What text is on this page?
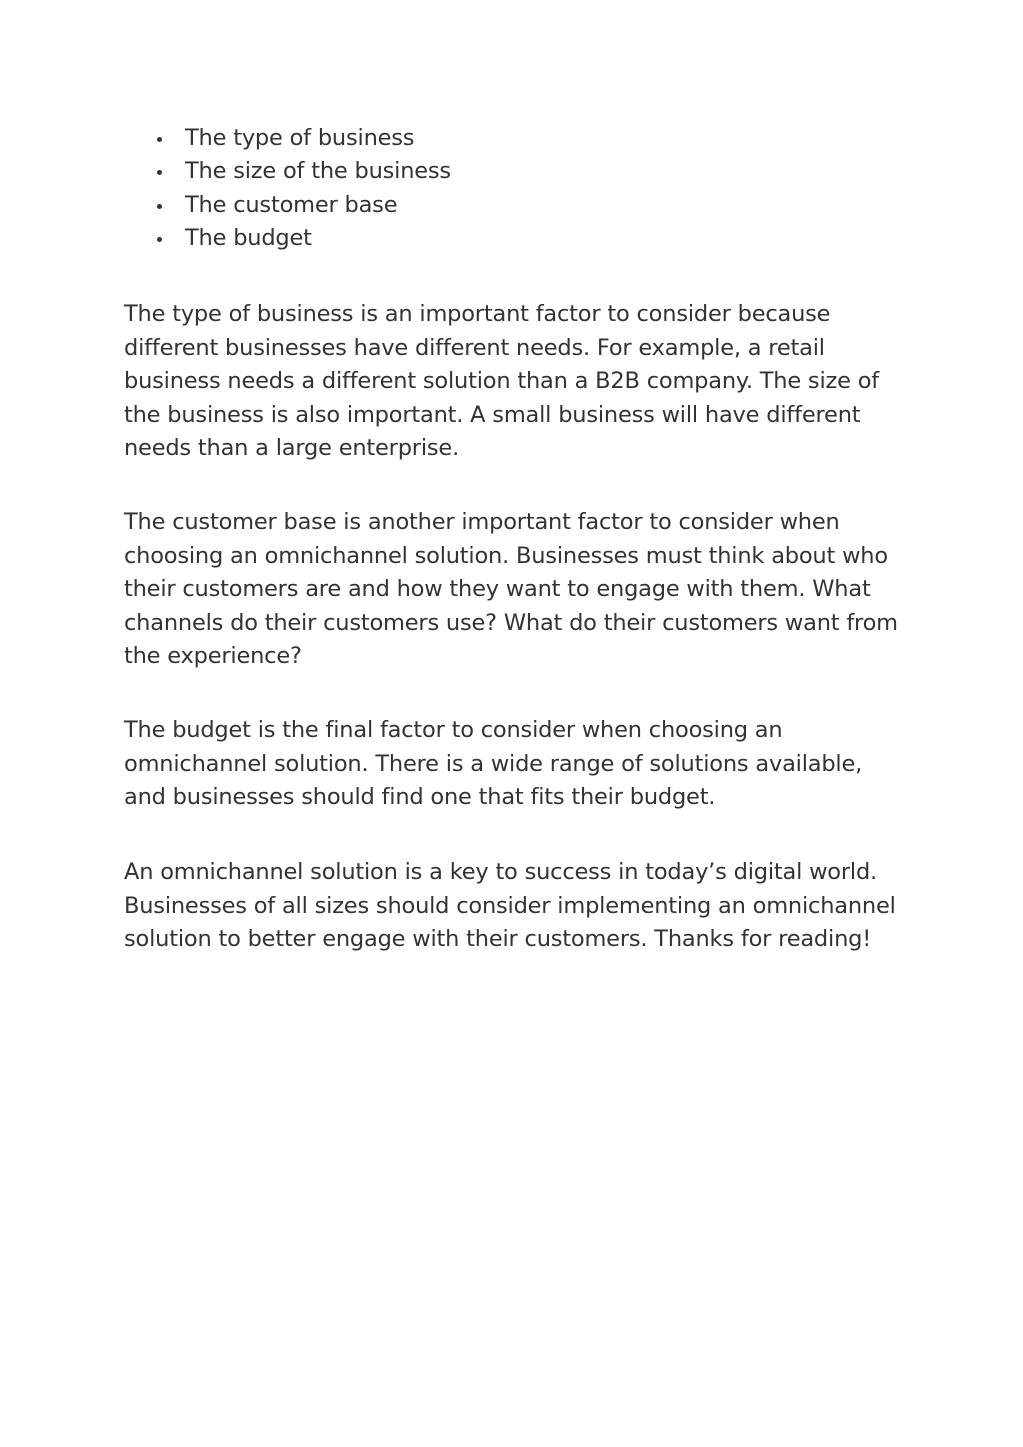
The type of business
The size of the business
The customer base
The budget

The type of business is an important factor to consider because different businesses have different needs. For example, a retail business needs a different solution than a B2B company. The size of the business is also important. A small business will have different needs than a large enterprise.

The customer base is another important factor to consider when choosing an omnichannel solution. Businesses must think about who their customers are and how they want to engage with them. What channels do their customers use? What do their customers want from the experience?

The budget is the final factor to consider when choosing an omnichannel solution. There is a wide range of solutions available, and businesses should find one that fits their budget.

An omnichannel solution is a key to success in today’s digital world. Businesses of all sizes should consider implementing an omnichannel solution to better engage with their customers. Thanks for reading!
